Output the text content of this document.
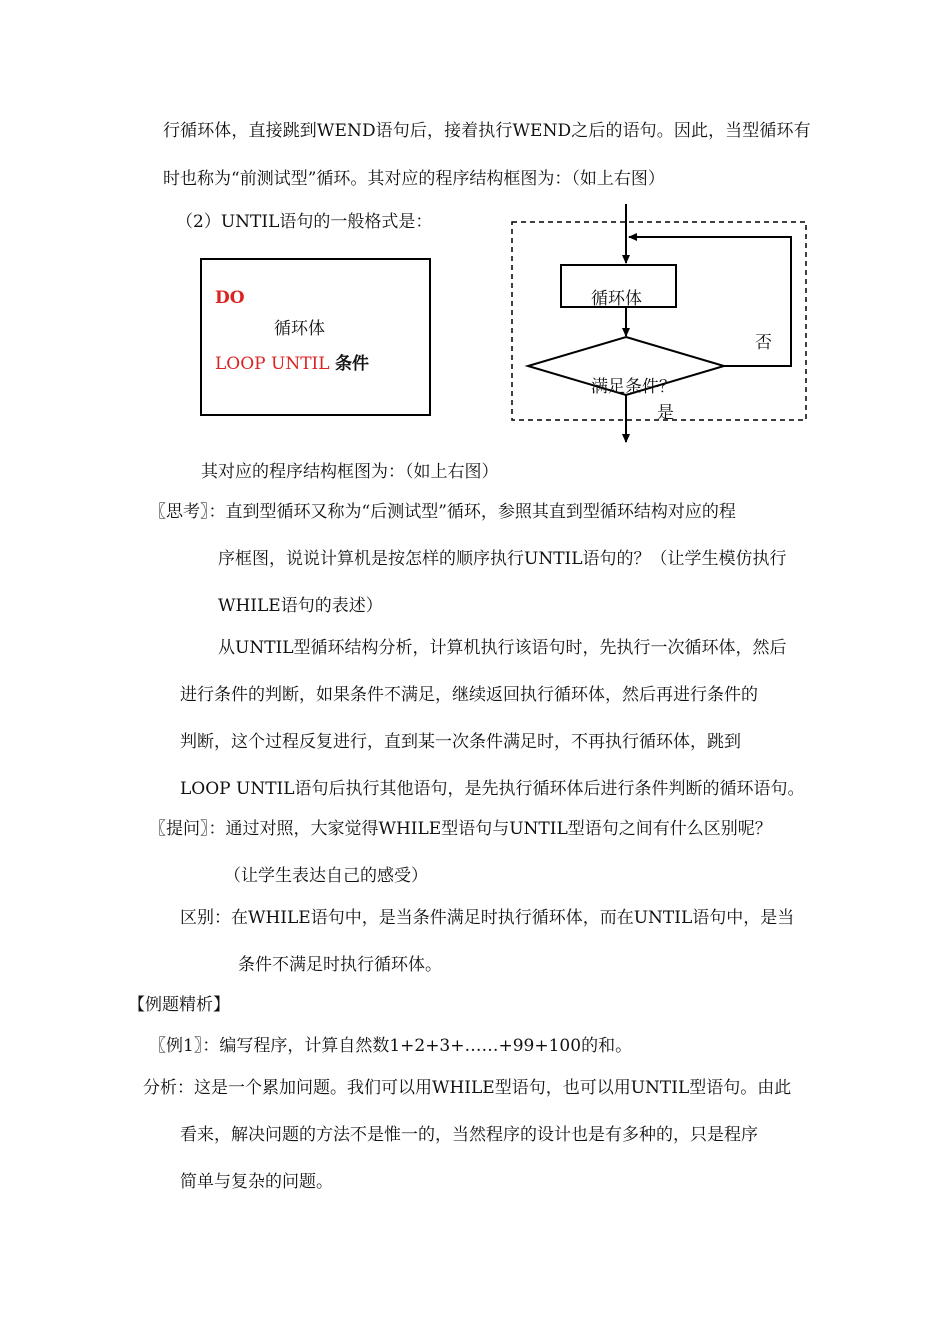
行循环体，直接跳到WEND语句后，接着执行WEND之后的语句。因此，当型循环有
时也称为“前测试型”循环。其对应的程序结构框图为：（如上右图）
（2）UNTIL语句的一般格式是：
DO
循环体
LOOP UNTIL 条件
循环体
满足条件？
否
是
其对应的程序结构框图为：（如上右图）
〖思考〗：直到型循环又称为“后测试型”循环，参照其直到型循环结构对应的程
序框图，说说计算机是按怎样的顺序执行UNTIL语句的？（让学生模仿执行
WHILE语句的表述）
从UNTIL型循环结构分析，计算机执行该语句时，先执行一次循环体，然后
进行条件的判断，如果条件不满足，继续返回执行循环体，然后再进行条件的
判断，这个过程反复进行，直到某一次条件满足时，不再执行循环体，跳到
LOOP UNTIL语句后执行其他语句，是先执行循环体后进行条件判断的循环语句。
〖提问〗：通过对照，大家觉得WHILE型语句与UNTIL型语句之间有什么区别呢？
（让学生表达自己的感受）
区别：在WHILE语句中，是当条件满足时执行循环体，而在UNTIL语句中，是当
条件不满足时执行循环体。
【例题精析】
〖例1〗：编写程序，计算自然数1+2+3+……+99+100的和。
分析：这是一个累加问题。我们可以用WHILE型语句，也可以用UNTIL型语句。由此
看来，解决问题的方法不是惟一的，当然程序的设计也是有多种的，只是程序
简单与复杂的问题。
